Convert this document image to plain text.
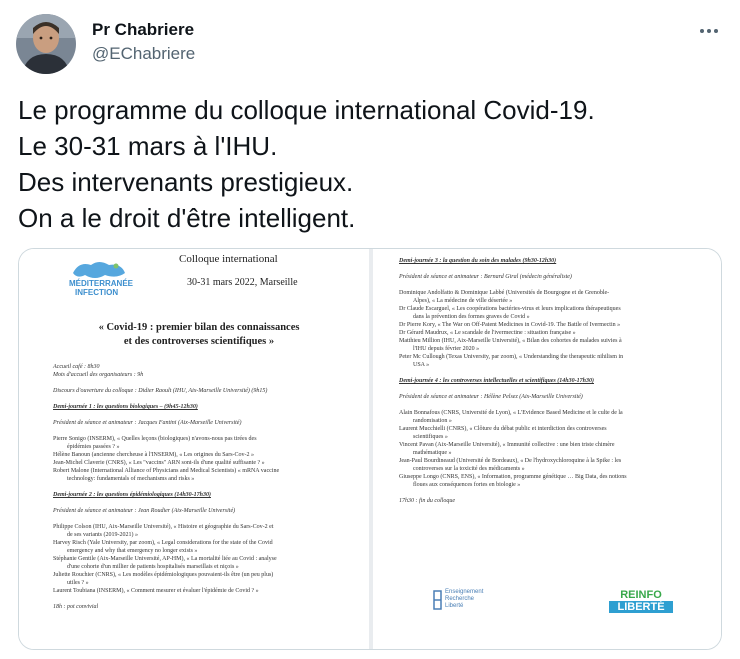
Pr Chabriere
@EChabriere
Le programme du colloque international Covid-19.
Le 30-31 mars à l'IHU.
Des intervenants prestigieux.
On a le droit d'être intelligent.
MÉDITERRANÉE
INFECTION
Colloque international
30-31 mars 2022, Marseille
« Covid-19 : premier bilan des connaissances
et des controverses scientifiques »
Accueil café : 8h30
Mots d'accueil des organisateurs : 9h
Discours d'ouverture du colloque : Didier Raoult (IHU, Aix-Marseille Université) (9h15)
Demi-journée 1 : les questions biologiques – (9h45-12h30)
Président de séance et animateur : Jacques Fantini (Aix-Marseille Université)
Pierre Sonigo (INSERM), « Quelles leçons (biologiques) n'avons-nous pas tirées des
épidémies passées ? »
Hélène Banoun (ancienne chercheuse à l'INSERM), « Les origines du Sars-Cov-2 »
Jean-Michel Claverie (CNRS), « Les "vaccins" ARN sont-ils d'une qualité suffisante ? »
Robert Malone (International Alliance of Physicians and Medical Scientists) « mRNA vaccine
technology: fundamentals of mechanisms and risks »
Demi-journée 2 : les questions épidémiologiques (14h30-17h30)
Président de séance et animateur : Jean Roudier (Aix-Marseille Université)
Philippe Colson (IHU, Aix-Marseille Université), « Histoire et géographie du Sars-Cov-2 et
de ses variants (2019-2021) »
Harvey Risch (Yale University, par zoom), « Legal considerations for the state of the Covid
emergency and why that emergency no longer exists »
Stéphanie Gentile (Aix-Marseille Université, AP-HM), « La mortalité liée au Covid : analyse
d'une cohorte d'un millier de patients hospitalisés marseillais et niçois »
Juliette Rouchier (CNRS), « Les modèles épidémiologiques pouvaient-ils être (un peu plus)
utiles ? »
Laurent Toubiana (INSERM), « Comment mesurer et évaluer l'épidémie de Covid ? »
18h : pot convivial
Demi-journée 3 : la question du soin des malades (9h30-12h30)
Président de séance et animateur : Bernard Giral (médecin généraliste)
Dominique Andolfatto & Dominique Labbé (Universités de Bourgogne et de Grenoble-
Alpes), « La médecine de ville désertée »
Dr Claude Escarguel, « Les coopérations bactéries-virus et leurs implications thérapeutiques
dans la prévention des formes graves de Covid »
Dr Pierre Kory, « The War on Off-Patent Medicines in Covid-19. The Battle of Ivermectin »
Dr Gérard Maudrux, « Le scandale de l'ivermectine : situation française »
Matthieu Million (IHU, Aix-Marseille Université), « Bilan des cohortes de malades suivies à
l'IHU depuis février 2020 »
Peter Mc Cullough (Texas University, par zoom), « Understanding the therapeutic nihilism in
USA »
Demi-journée 4 : les controverses intellectuelles et scientifiques (14h30-17h30)
Président de séance et animateur : Hélène Pelsez (Aix-Marseille Université)
Alain Bonnafous (CNRS, Université de Lyon), « L'Evidence Based Medicine et le culte de la
randomisation »
Laurent Mucchielli (CNRS), « Clôture du débat public et interdiction des controverses
scientifiques »
Vincent Pavan (Aix-Marseille Université), « Immunité collective : une bien triste chimère
mathématique »
Jean-Paul Bourdineaud (Université de Bordeaux), « De l'hydroxychloroquine à la Spike : les
controverses sur la toxicité des médicaments »
Giuseppe Longo (CNRS, ENS), « Information, programme génétique … Big Data, des notions
floues aux conséquences fortes en biologie »
17h30 : fin du colloque
Enseignement
Recherche
Liberté
REINFO
LIBERTÉ
